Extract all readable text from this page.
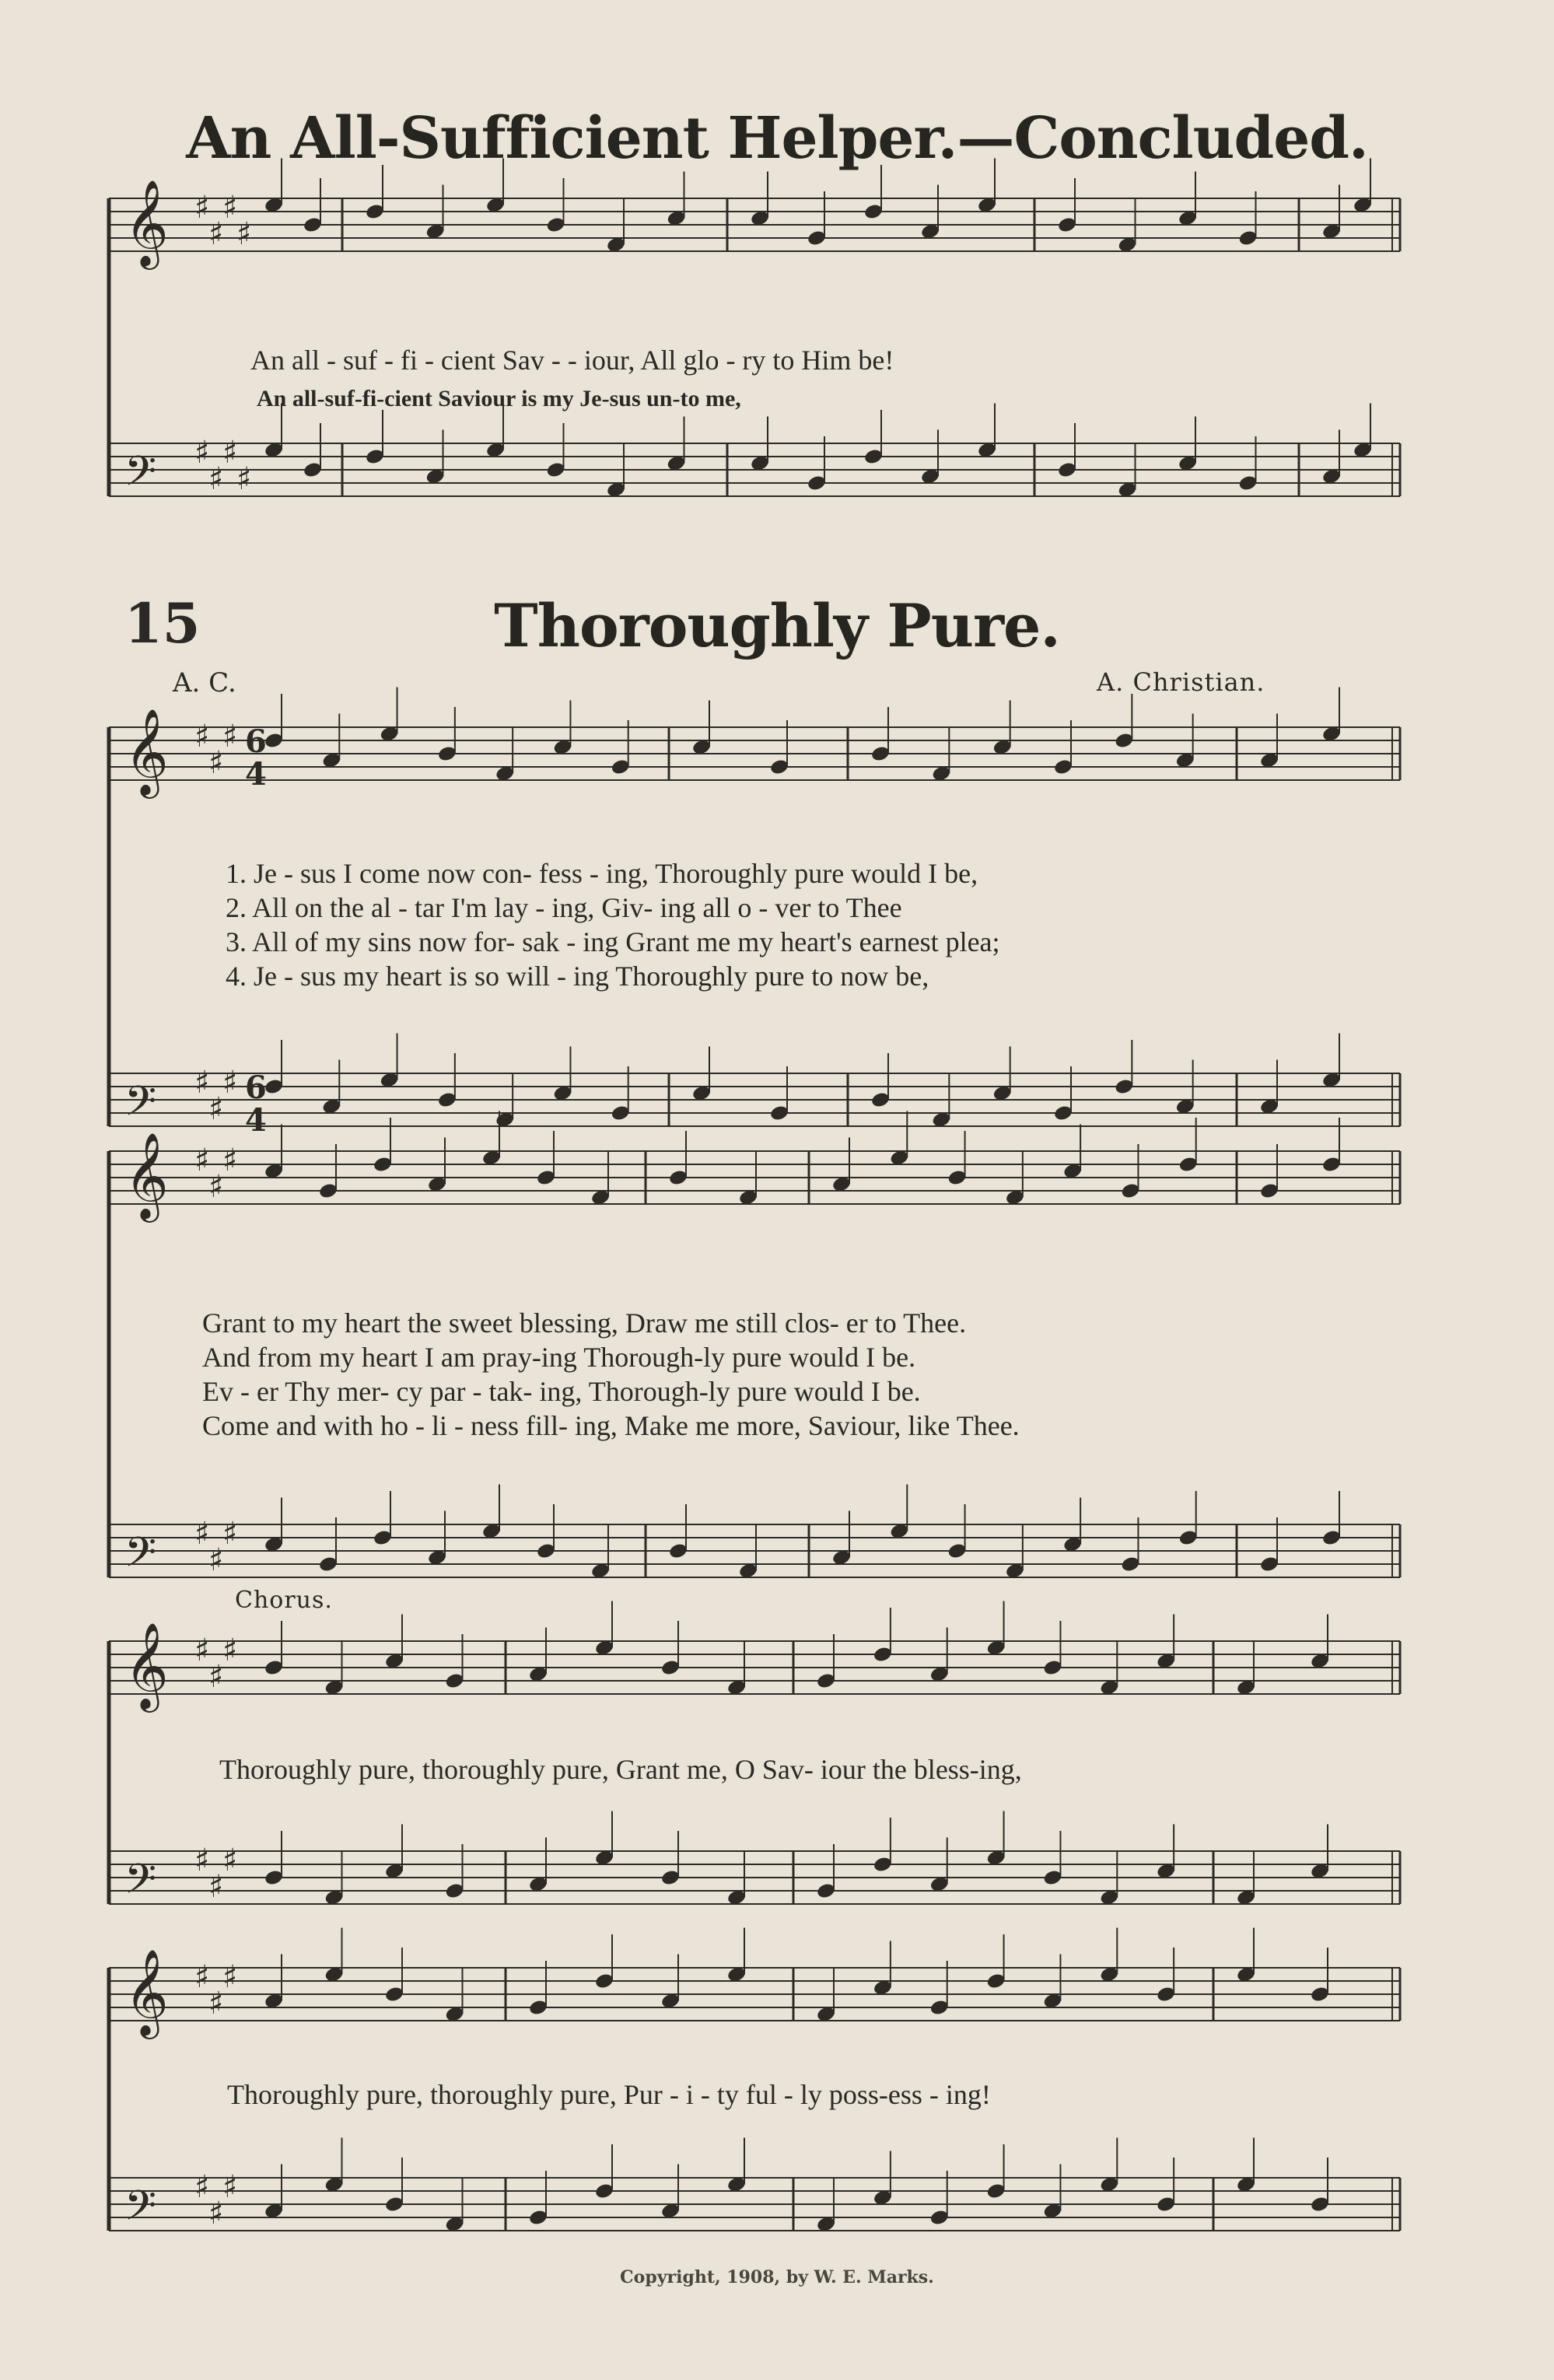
𝄞 ♯
♯
♯
♯
𝄢 ♯
♯
♯
♯
𝄞 ♯
♯
♯
𝄢 ♯
♯
♯
𝄞 ♯
♯
♯
𝄢 ♯
♯
♯
𝄞 ♯
♯
♯
𝄢 ♯
♯
♯
𝄞 ♯
♯
♯
𝄢 ♯
♯
♯
6
4
6
4
An All-Sufficient Helper.—Concluded.
An all - suf - fi - cient Sav - - iour, All glo - ry to Him be!
An all-suf-fi-cient Saviour is my Je-sus un-to me,
15	Thoroughly Pure.
A. C.	A. Christian.
1. Je - sus I come now con- fess - ing, Thoroughly pure would I be,
2. All on the al - tar I'm lay - ing, Giv- ing all o - ver to Thee
3. All of my sins now for- sak - ing Grant me my heart's earnest plea;
4. Je - sus my heart is so will - ing Thoroughly pure to now be,
Grant to my heart the sweet blessing, Draw me still clos- er to Thee.
And from my heart I am pray-ing Thorough-ly pure would I be.
Ev - er Thy mer- cy par - tak- ing, Thorough-ly pure would I be.
Come and with ho - li - ness fill- ing, Make me more, Saviour, like Thee.
Chorus.
Thoroughly pure, thoroughly pure, Grant me, O Sav- iour the bless-ing,
Thoroughly pure, thoroughly pure, Pur - i - ty ful - ly poss-ess - ing!
Copyright, 1908, by W. E. Marks.
